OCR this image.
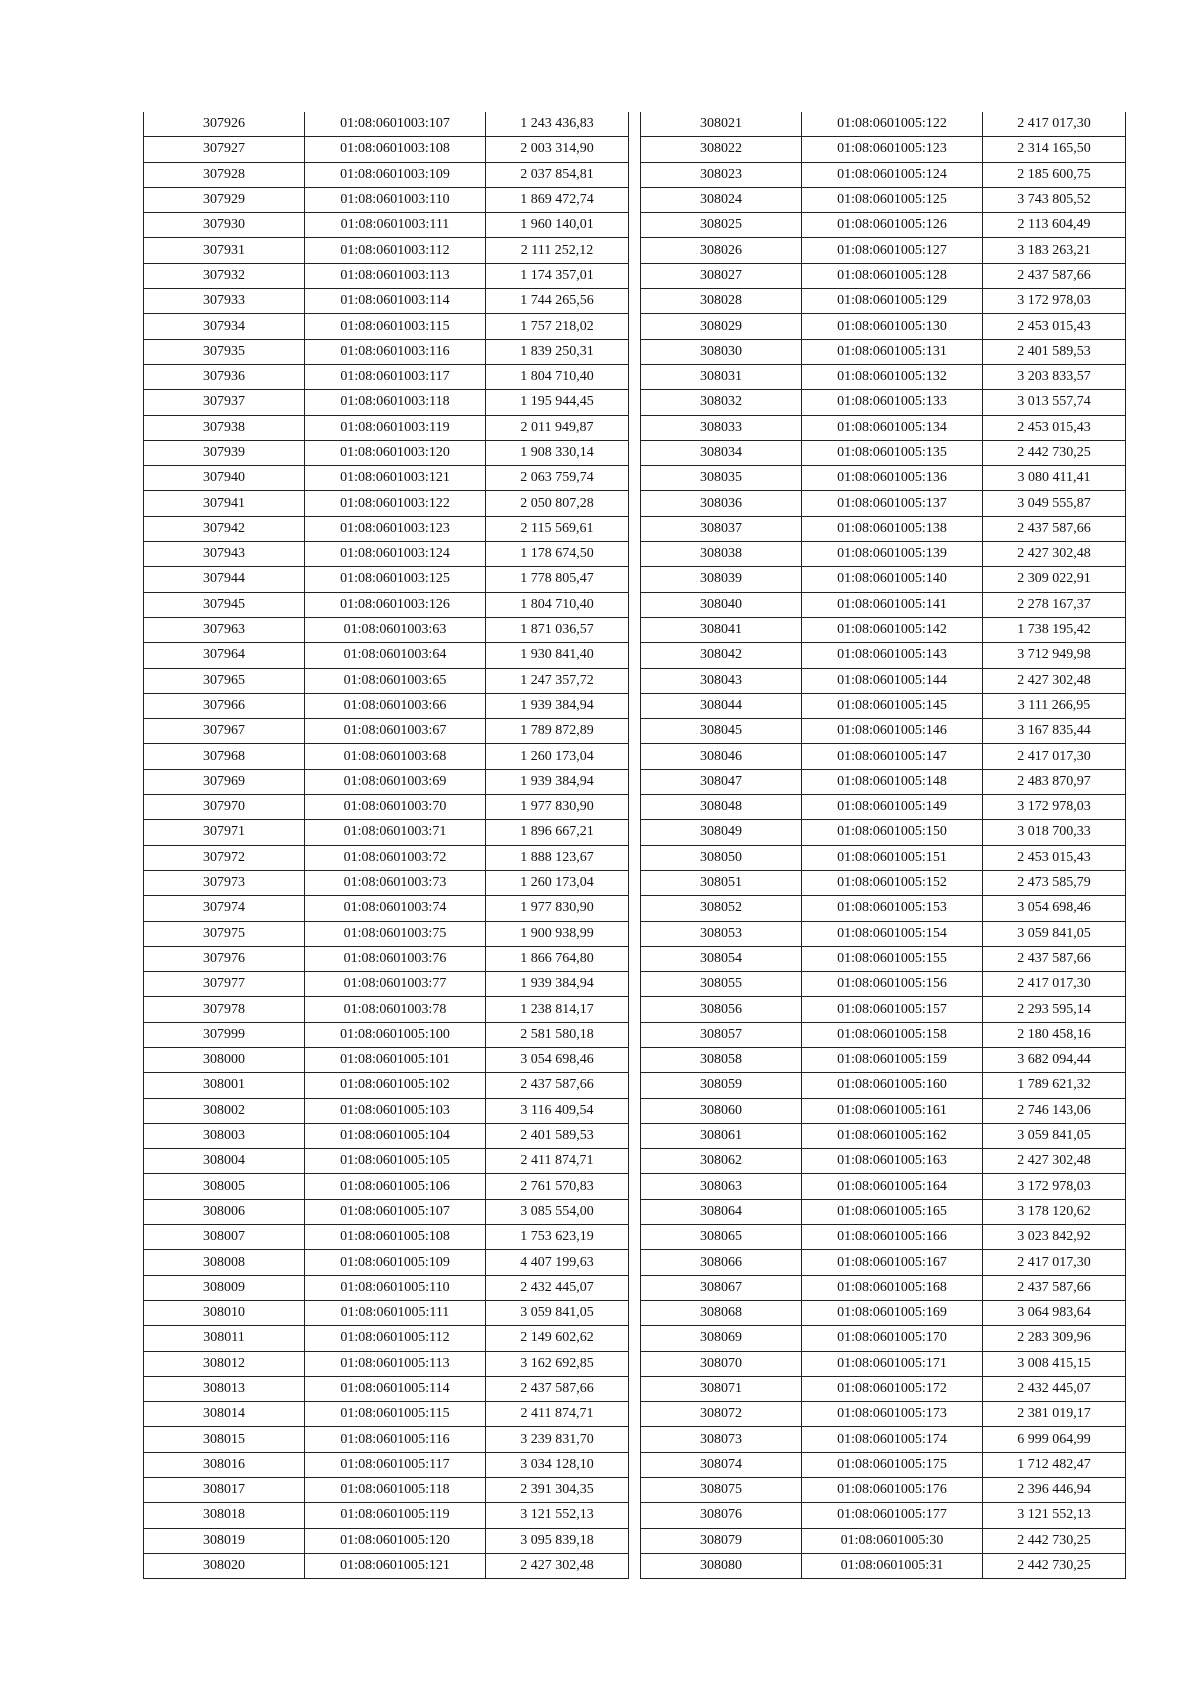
307926	01:08:0601003:107	1 243 436,83
307927	01:08:0601003:108	2 003 314,90
307928	01:08:0601003:109	2 037 854,81
307929	01:08:0601003:110	1 869 472,74
307930	01:08:0601003:111	1 960 140,01
307931	01:08:0601003:112	2 111 252,12
307932	01:08:0601003:113	1 174 357,01
307933	01:08:0601003:114	1 744 265,56
307934	01:08:0601003:115	1 757 218,02
307935	01:08:0601003:116	1 839 250,31
307936	01:08:0601003:117	1 804 710,40
307937	01:08:0601003:118	1 195 944,45
307938	01:08:0601003:119	2 011 949,87
307939	01:08:0601003:120	1 908 330,14
307940	01:08:0601003:121	2 063 759,74
307941	01:08:0601003:122	2 050 807,28
307942	01:08:0601003:123	2 115 569,61
307943	01:08:0601003:124	1 178 674,50
307944	01:08:0601003:125	1 778 805,47
307945	01:08:0601003:126	1 804 710,40
307963	01:08:0601003:63	1 871 036,57
307964	01:08:0601003:64	1 930 841,40
307965	01:08:0601003:65	1 247 357,72
307966	01:08:0601003:66	1 939 384,94
307967	01:08:0601003:67	1 789 872,89
307968	01:08:0601003:68	1 260 173,04
307969	01:08:0601003:69	1 939 384,94
307970	01:08:0601003:70	1 977 830,90
307971	01:08:0601003:71	1 896 667,21
307972	01:08:0601003:72	1 888 123,67
307973	01:08:0601003:73	1 260 173,04
307974	01:08:0601003:74	1 977 830,90
307975	01:08:0601003:75	1 900 938,99
307976	01:08:0601003:76	1 866 764,80
307977	01:08:0601003:77	1 939 384,94
307978	01:08:0601003:78	1 238 814,17
307999	01:08:0601005:100	2 581 580,18
308000	01:08:0601005:101	3 054 698,46
308001	01:08:0601005:102	2 437 587,66
308002	01:08:0601005:103	3 116 409,54
308003	01:08:0601005:104	2 401 589,53
308004	01:08:0601005:105	2 411 874,71
308005	01:08:0601005:106	2 761 570,83
308006	01:08:0601005:107	3 085 554,00
308007	01:08:0601005:108	1 753 623,19
308008	01:08:0601005:109	4 407 199,63
308009	01:08:0601005:110	2 432 445,07
308010	01:08:0601005:111	3 059 841,05
308011	01:08:0601005:112	2 149 602,62
308012	01:08:0601005:113	3 162 692,85
308013	01:08:0601005:114	2 437 587,66
308014	01:08:0601005:115	2 411 874,71
308015	01:08:0601005:116	3 239 831,70
308016	01:08:0601005:117	3 034 128,10
308017	01:08:0601005:118	2 391 304,35
308018	01:08:0601005:119	3 121 552,13
308019	01:08:0601005:120	3 095 839,18
308020	01:08:0601005:121	2 427 302,48
308021	01:08:0601005:122	2 417 017,30
308022	01:08:0601005:123	2 314 165,50
308023	01:08:0601005:124	2 185 600,75
308024	01:08:0601005:125	3 743 805,52
308025	01:08:0601005:126	2 113 604,49
308026	01:08:0601005:127	3 183 263,21
308027	01:08:0601005:128	2 437 587,66
308028	01:08:0601005:129	3 172 978,03
308029	01:08:0601005:130	2 453 015,43
308030	01:08:0601005:131	2 401 589,53
308031	01:08:0601005:132	3 203 833,57
308032	01:08:0601005:133	3 013 557,74
308033	01:08:0601005:134	2 453 015,43
308034	01:08:0601005:135	2 442 730,25
308035	01:08:0601005:136	3 080 411,41
308036	01:08:0601005:137	3 049 555,87
308037	01:08:0601005:138	2 437 587,66
308038	01:08:0601005:139	2 427 302,48
308039	01:08:0601005:140	2 309 022,91
308040	01:08:0601005:141	2 278 167,37
308041	01:08:0601005:142	1 738 195,42
308042	01:08:0601005:143	3 712 949,98
308043	01:08:0601005:144	2 427 302,48
308044	01:08:0601005:145	3 111 266,95
308045	01:08:0601005:146	3 167 835,44
308046	01:08:0601005:147	2 417 017,30
308047	01:08:0601005:148	2 483 870,97
308048	01:08:0601005:149	3 172 978,03
308049	01:08:0601005:150	3 018 700,33
308050	01:08:0601005:151	2 453 015,43
308051	01:08:0601005:152	2 473 585,79
308052	01:08:0601005:153	3 054 698,46
308053	01:08:0601005:154	3 059 841,05
308054	01:08:0601005:155	2 437 587,66
308055	01:08:0601005:156	2 417 017,30
308056	01:08:0601005:157	2 293 595,14
308057	01:08:0601005:158	2 180 458,16
308058	01:08:0601005:159	3 682 094,44
308059	01:08:0601005:160	1 789 621,32
308060	01:08:0601005:161	2 746 143,06
308061	01:08:0601005:162	3 059 841,05
308062	01:08:0601005:163	2 427 302,48
308063	01:08:0601005:164	3 172 978,03
308064	01:08:0601005:165	3 178 120,62
308065	01:08:0601005:166	3 023 842,92
308066	01:08:0601005:167	2 417 017,30
308067	01:08:0601005:168	2 437 587,66
308068	01:08:0601005:169	3 064 983,64
308069	01:08:0601005:170	2 283 309,96
308070	01:08:0601005:171	3 008 415,15
308071	01:08:0601005:172	2 432 445,07
308072	01:08:0601005:173	2 381 019,17
308073	01:08:0601005:174	6 999 064,99
308074	01:08:0601005:175	1 712 482,47
308075	01:08:0601005:176	2 396 446,94
308076	01:08:0601005:177	3 121 552,13
308079	01:08:0601005:30	2 442 730,25
308080	01:08:0601005:31	2 442 730,25
